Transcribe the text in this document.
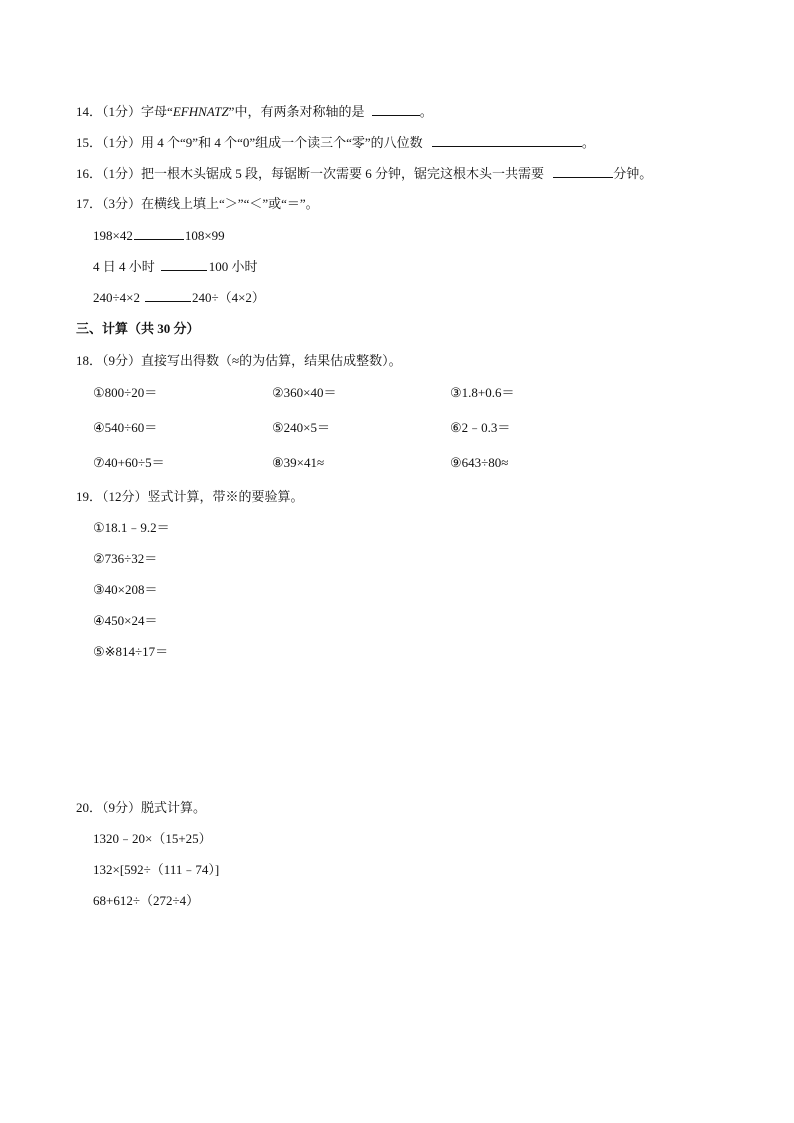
14．（1分）字母“EFHNATZ”中，有两条对称轴的是	。
15．（1分）用 4 个“9”和 4 个“0”组成一个读三个“零”的八位数	。
16．（1分）把一根木头锯成 5 段，每锯断一次需要 6 分钟，锯完这根木头一共需要	分钟。
17．（3分）在横线上填上“＞”“＜”或“＝”。
198×42	108×99
4 日 4 小时	100 小时
240÷4×2	240÷（4×2）
三、计算（共 30 分）
18．（9分）直接写出得数（≈的为估算，结果估成整数）。
①800÷20＝	②360×40＝	③1.8+0.6＝
④540÷60＝	⑤240×5＝	⑥2﹣0.3＝
⑦40+60÷5＝	⑧39×41≈	⑨643÷80≈
19．（12分）竖式计算，带※的要验算。
①18.1﹣9.2＝
②736÷32＝
③40×208＝
④450×24＝
⑤※814÷17＝
20．（9分）脱式计算。
1320﹣20×（15+25）
132×[592÷（111﹣74）]
68+612÷（272÷4）
